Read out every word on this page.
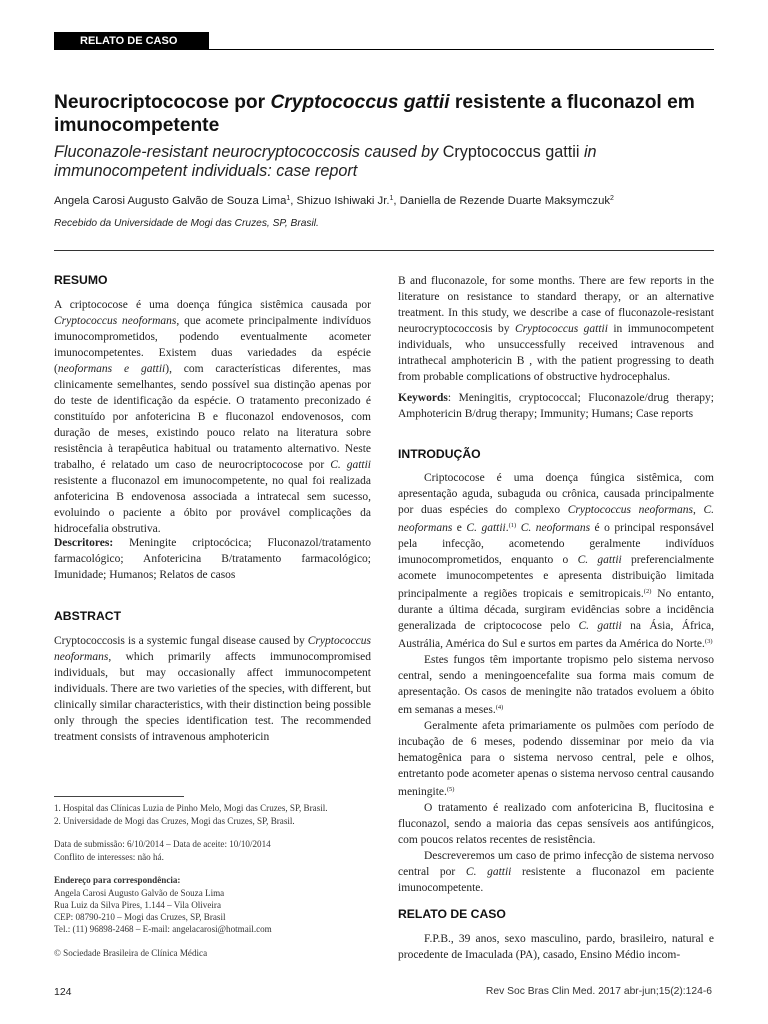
RELATO DE CASO
Neurocriptococose por Cryptococcus gattii resistente a fluconazol em imunocompetente
Fluconazole-resistant neurocryptococcosis caused by Cryptococcus gattii in immunocompetent individuals: case report
Angela Carosi Augusto Galvão de Souza Lima$^1$, Shizuo Ishiwaki Jr.$^1$, Daniella de Rezende Duarte Maksymczuk$^2$
Recebido da Universidade de Mogi das Cruzes, SP, Brasil.
RESUMO

A criptococose é uma doença fúngica sistêmica causada por Cryptococcus neoformans, que acomete principalmente indivíduos imunocomprometidos, podendo eventualmente acometer imunocompetentes. Existem duas variedades da espécie (neoformans e gattii), com características diferentes, mas clinicamente semelhantes, sendo possível sua distinção apenas por do teste de identificação da espécie. O tratamento preconizado é constituído por anfotericina B e fluconazol endovenosos, com duração de meses, existindo pouco relato na literatura sobre resistência à terapêutica habitual ou tratamento alternativo. Neste trabalho, é relatado um caso de neurocriptococose por C. gattii resistente a fluconazol em imunocompetente, no qual foi realizada anfotericina B endovenosa associada a intratecal sem sucesso, evoluindo o paciente a óbito por provável complicações da hidrocefalia obstrutiva.

Descritores: Meningite criptocócica; Fluconazol/tratamento farmacológico; Anfotericina B/tratamento farmacológico; Imunidade; Humanos; Relatos de casos

ABSTRACT

Cryptococcosis is a systemic fungal disease caused by Cryptococcus neoformans, which primarily affects immunocompromised individuals, but may occasionally affect immunocompetent individuals. There are two varieties of the species, with different, but clinically similar characteristics, with their distinction being possible only through the species identification test. The recommended treatment consists of intravenous amphotericin

1. Hospital das Clínicas Luzia de Pinho Melo, Mogi das Cruzes, SP, Brasil.
2. Universidade de Mogi das Cruzes, Mogi das Cruzes, SP, Brasil.
Data de submissão: 6/10/2014 – Data de aceite: 10/10/2014
Conflito de interesses: não há.
Endereço para correspondência:
Angela Carosi Augusto Galvão de Souza Lima
Rua Luiz da Silva Pires, 1.144 – Vila Oliveira
CEP: 08790-210 – Mogi das Cruzes, SP, Brasil
Tel.: (11) 96898-2468 – E-mail: angelacarosi@hotmail.com
© Sociedade Brasileira de Clínica Médica

B and fluconazole, for some months. There are few reports in the literature on resistance to standard therapy, or an alternative treatment. In this study, we describe a case of fluconazole-resistant neurocryptococcosis by Cryptococcus gattii in immunocompetent individuals, who unsuccessfully received intravenous and intrathecal amphotericin B , with the patient progressing to death from probable complications of obstructive hydrocephalus.

Keywords: Meningitis, cryptococcal; Fluconazole/drug therapy; Amphotericin B/drug therapy; Immunity; Humans; Case reports

INTRODUÇÃO

Criptococose é uma doença fúngica sistêmica, com apresentação aguda, subaguda ou crônica, causada principalmente por duas espécies do complexo Cryptococcus neoformans, C. neoformans e C. gattii.$^{(1)}$ C. neoformans é o principal responsável pela infecção, acometendo geralmente indivíduos imunocomprometidos, enquanto o C. gattii preferencialmente acomete imunocompetentes e apresenta distribuição limitada principalmente a regiões tropicais e semitropicais.$^{(2)}$ No entanto, durante a última década, surgiram evidências sobre a incidência generalizada de criptococose pelo C. gattii na Ásia, África, Austrália, América do Sul e surtos em partes da América do Norte.$^{(3)}$

Estes fungos têm importante tropismo pelo sistema nervoso central, sendo a meningoencefalite sua forma mais comum de apresentação. Os casos de meningite não tratados evoluem a óbito em semanas a meses.$^{(4)}$

Geralmente afeta primariamente os pulmões com período de incubação de 6 meses, podendo disseminar por meio da via hematogênica para o sistema nervoso central, pele e olhos, entretanto pode acometer apenas o sistema nervoso central causando meningite.$^{(5)}$

O tratamento é realizado com anfotericina B, flucitosina e fluconazol, sendo a maioria das cepas sensíveis aos antifúngicos, com poucos relatos recentes de resistência.

Descreveremos um caso de primo infecção de sistema nervoso central por C. gattii resistente a fluconazol em paciente imunocompetente.

RELATO DE CASO

F.P.B., 39 anos, sexo masculino, pardo, brasileiro, natural e procedente de Imaculada (PA), casado, Ensino Médio incom-

124	Rev Soc Bras Clin Med. 2017 abr-jun;15(2):124-6
